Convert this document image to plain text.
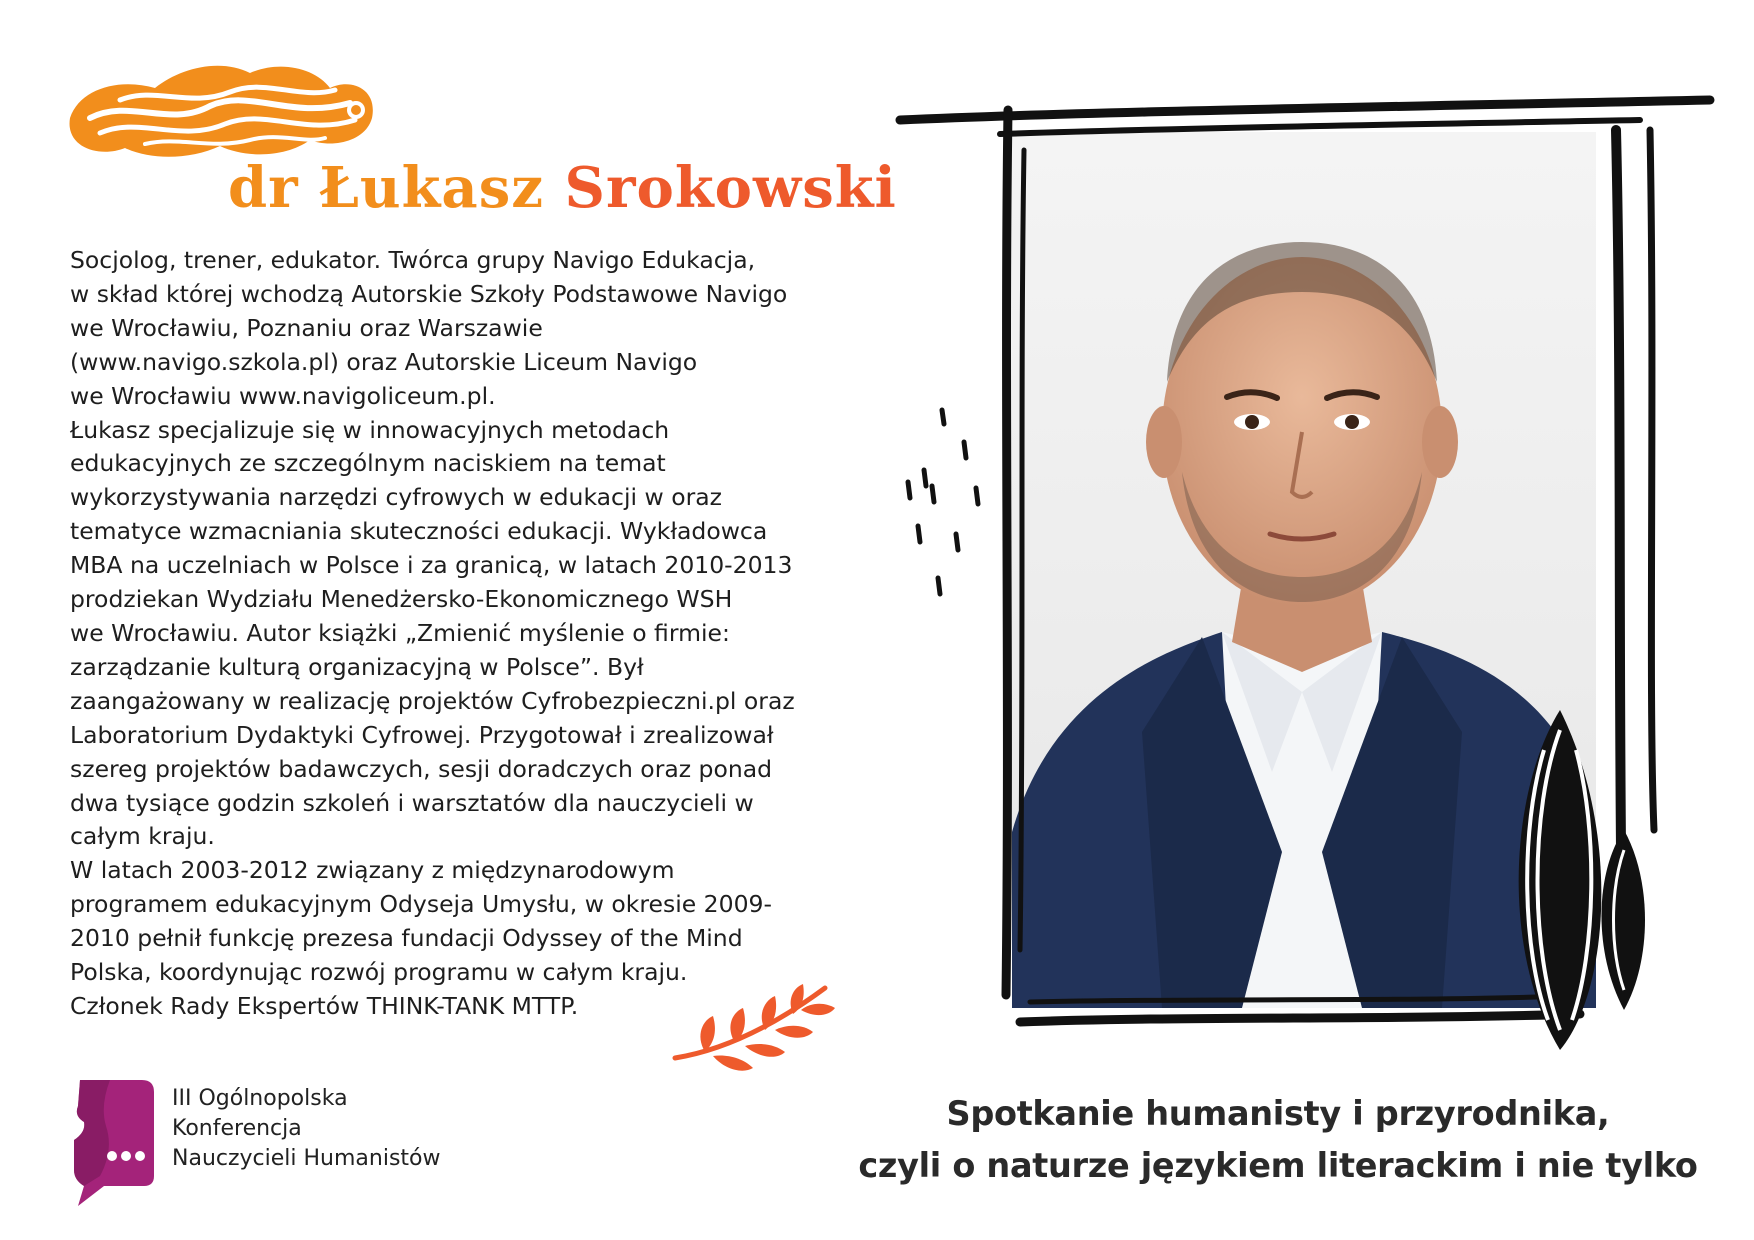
dr Łukasz Srokowski
Socjolog, trener, edukator. Twórca grupy Navigo Edukacja,
w skład której wchodzą Autorskie Szkoły Podstawowe Navigo
we Wrocławiu, Poznaniu oraz Warszawie
(www.navigo.szkola.pl) oraz Autorskie Liceum Navigo
we Wrocławiu www.navigoliceum.pl.
Łukasz specjalizuje się w innowacyjnych metodach
edukacyjnych ze szczególnym naciskiem na temat
wykorzystywania narzędzi cyfrowych w edukacji w oraz
tematyce wzmacniania skuteczności edukacji. Wykładowca
MBA na uczelniach w Polsce i za granicą, w latach 2010-2013
prodziekan Wydziału Menedżersko-Ekonomicznego WSH
we Wrocławiu. Autor książki „Zmienić myślenie o firmie:
zarządzanie kulturą organizacyjną w Polsce”. Był
zaangażowany w realizację projektów Cyfrobezpieczni.pl oraz
Laboratorium Dydaktyki Cyfrowej. Przygotował i zrealizował
szereg projektów badawczych, sesji doradczych oraz ponad
dwa tysiące godzin szkoleń i warsztatów dla nauczycieli w
całym kraju.
W latach 2003-2012 związany z międzynarodowym
programem edukacyjnym Odyseja Umysłu, w okresie 2009-
2010 pełnił funkcję prezesa fundacji Odyssey of the Mind
Polska, koordynując rozwój programu w całym kraju.
Członek Rady Ekspertów THINK-TANK MTTP.
III Ogólnopolska
Konferencja
Nauczycieli Humanistów
Spotkanie humanisty i przyrodnika,
czyli o naturze językiem literackim i nie tylko
